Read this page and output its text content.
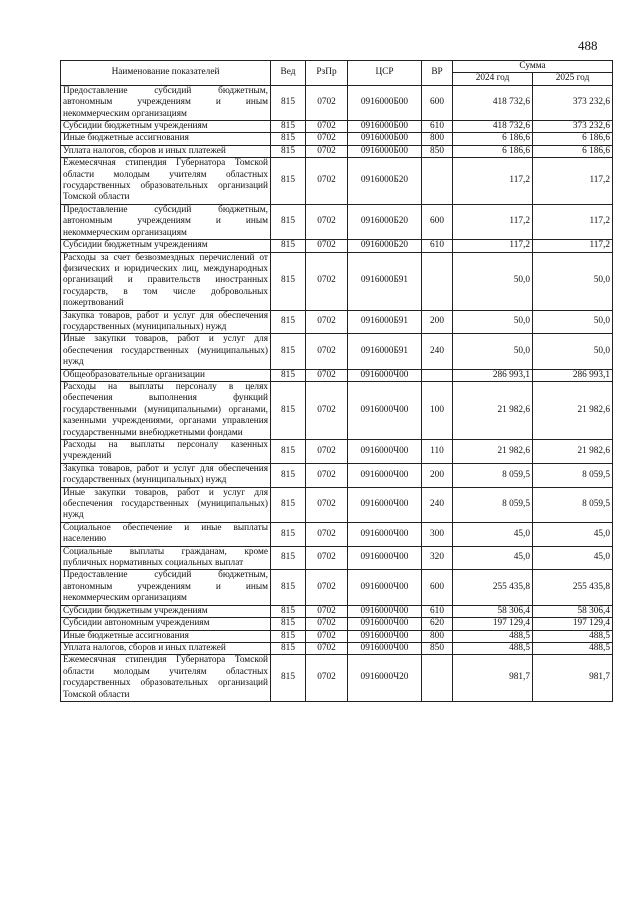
488
Наименование показателей	Вед	РзПр	ЦСР	ВР	Сумма	
					2024 год	2025 год
Предоставление субсидий бюджетным, автономным учреждениям и иным некоммерческим организациям	815	0702	0916000Б00	600	418 732,6	373 232,6
Субсидии бюджетным учреждениям	815	0702	0916000Б00	610	418 732,6	373 232,6
Иные бюджетные ассигнования	815	0702	0916000Б00	800	6 186,6	6 186,6
Уплата налогов, сборов и иных платежей	815	0702	0916000Б00	850	6 186,6	6 186,6
Ежемесячная стипендия Губернатора Томской области молодым учителям областных государственных образовательных организаций Томской области	815	0702	0916000Б20		117,2	117,2
Предоставление субсидий бюджетным, автономным учреждениям и иным некоммерческим организациям	815	0702	0916000Б20	600	117,2	117,2
Субсидии бюджетным учреждениям	815	0702	0916000Б20	610	117,2	117,2
Расходы за счет безвозмездных перечислений от физических и юридических лиц, международных организаций и правительств иностранных государств, в том числе добровольных пожертвований	815	0702	0916000Б91		50,0	50,0
Закупка товаров, работ и услуг для обеспечения государственных (муниципальных) нужд	815	0702	0916000Б91	200	50,0	50,0
Иные закупки товаров, работ и услуг для обеспечения государственных (муниципальных) нужд	815	0702	0916000Б91	240	50,0	50,0
Общеобразовательные организации	815	0702	0916000Ч00		286 993,1	286 993,1
Расходы на выплаты персоналу в целях обеспечения выполнения функций государственными (муниципальными) органами, казенными учреждениями, органами управления государственными внебюджетными фондами	815	0702	0916000Ч00	100	21 982,6	21 982,6
Расходы на выплаты персоналу казенных учреждений	815	0702	0916000Ч00	110	21 982,6	21 982,6
Закупка товаров, работ и услуг для обеспечения государственных (муниципальных) нужд	815	0702	0916000Ч00	200	8 059,5	8 059,5
Иные закупки товаров, работ и услуг для обеспечения государственных (муниципальных) нужд	815	0702	0916000Ч00	240	8 059,5	8 059,5
Социальное обеспечение и иные выплаты населению	815	0702	0916000Ч00	300	45,0	45,0
Социальные выплаты гражданам, кроме публичных нормативных социальных выплат	815	0702	0916000Ч00	320	45,0	45,0
Предоставление субсидий бюджетным, автономным учреждениям и иным некоммерческим организациям	815	0702	0916000Ч00	600	255 435,8	255 435,8
Субсидии бюджетным учреждениям	815	0702	0916000Ч00	610	58 306,4	58 306,4
Субсидии автономным учреждениям	815	0702	0916000Ч00	620	197 129,4	197 129,4
Иные бюджетные ассигнования	815	0702	0916000Ч00	800	488,5	488,5
Уплата налогов, сборов и иных платежей	815	0702	0916000Ч00	850	488,5	488,5
Ежемесячная стипендия Губернатора Томской области молодым учителям областных государственных образовательных организаций Томской области	815	0702	0916000Ч20		981,7	981,7
